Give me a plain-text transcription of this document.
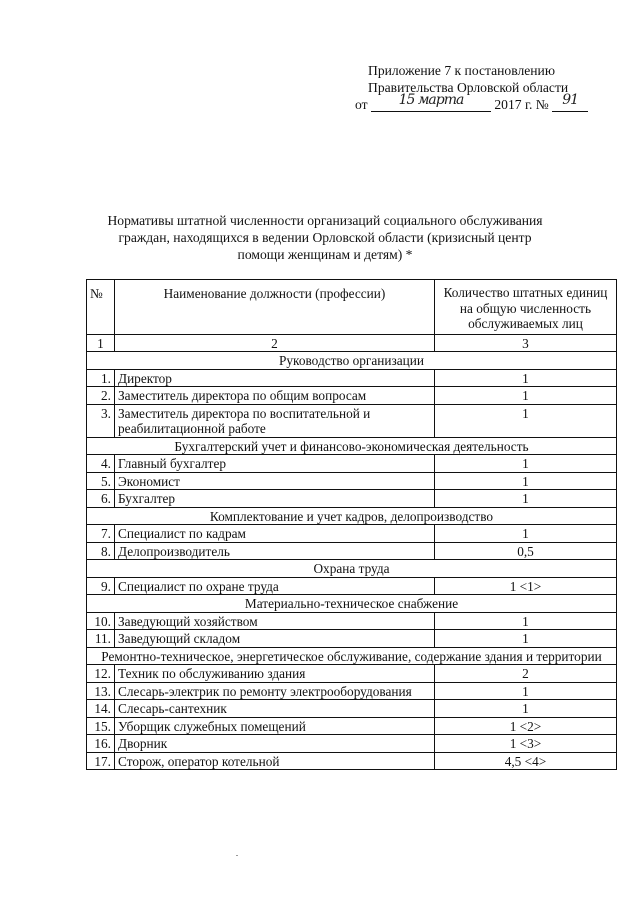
Приложение 7 к постановлению
Правительства Орловской области
от 15 марта 2017 г. № 91
Нормативы штатной численности организаций социального обслуживания граждан, находящихся в ведении Орловской области (кризисный центр помощи женщинам и детям) *
№	Наименование должности (профессии)	Количество штатных единиц на общую численность обслуживаемых лиц
1	2	3
Руководство организации		
1.	Директор	1
2.	Заместитель директора по общим вопросам	1
3.	Заместитель директора по воспитательной и реабилитационной работе	1
Бухгалтерский учет и финансово-экономическая деятельность		
4.	Главный бухгалтер	1
5.	Экономист	1
6.	Бухгалтер	1
Комплектование и учет кадров, делопроизводство		
7.	Специалист по кадрам	1
8.	Делопроизводитель	0,5
Охрана труда		
9.	Специалист по охране труда	1 <1>
Материально-техническое снабжение		
10.	Заведующий хозяйством	1
11.	Заведующий складом	1
Ремонтно-техническое, энергетическое обслуживание, содержание здания и территории		
12.	Техник по обслуживанию здания	2
13.	Слесарь-электрик по ремонту электрооборудования	1
14.	Слесарь-сантехник	1
15.	Уборщик служебных помещений	1 <2>
16.	Дворник	1 <3>
17.	Сторож, оператор котельной	4,5 <4>
